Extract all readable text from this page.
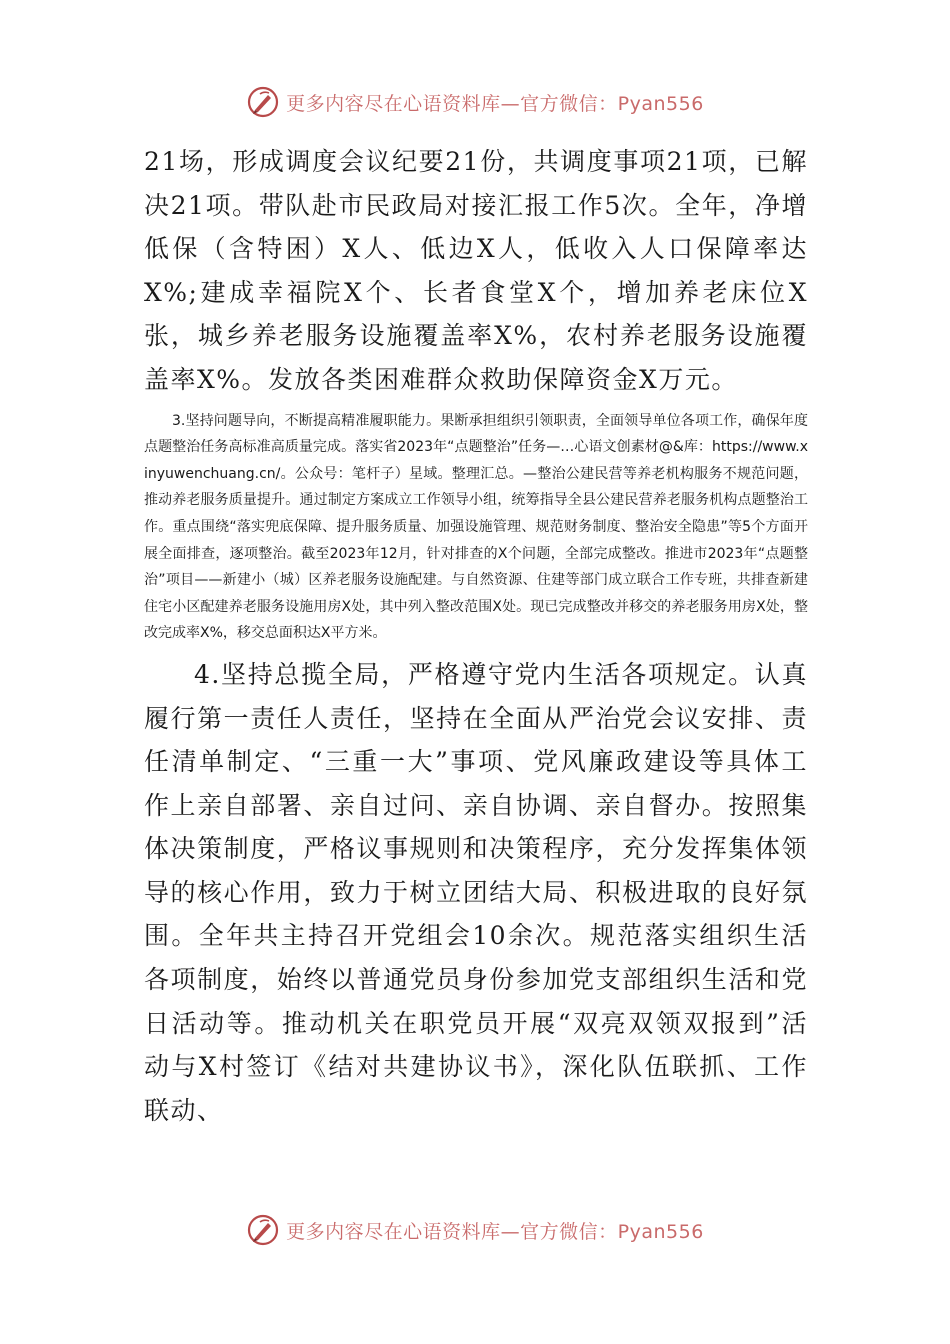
更多内容尽在心语资料库—官方微信：Pyan556

21场，形成调度会议纪要21份，共调度事项21项，已解决21项。带队赴市民政局对接汇报工作5次。全年，净增低保（含特困）X人、低边X人，低收入人口保障率达X%;建成幸福院X个、长者食堂X个，增加养老床位X张，城乡养老服务设施覆盖率X%，农村养老服务设施覆盖率X%。发放各类困难群众救助保障资金X万元。

3.坚持问题导向，不断提高精准履职能力。果断承担组织引领职责，全面领导单位各项工作，确保年度点题整治任务高标准高质量完成。落实省2023年“点题整治”任务—…心语文创素材@&库：https://www.xinyuwenchuang.cn/。公众号：笔杆子）星域。整理汇总。—整治公建民营等养老机构服务不规范问题，推动养老服务质量提升。通过制定方案成立工作领导小组，统筹指导全县公建民营养老服务机构点题整治工作。重点围绕“落实兜底保障、提升服务质量、加强设施管理、规范财务制度、整治安全隐患”等5个方面开展全面排查，逐项整治。截至2023年12月，针对排查的X个问题，全部完成整改。推进市2023年“点题整治”项目——新建小（城）区养老服务设施配建。与自然资源、住建等部门成立联合工作专班，共排查新建住宅小区配建养老服务设施用房X处，其中列入整改范围X处。现已完成整改并移交的养老服务用房X处，整改完成率X%，移交总面积达X平方米。

4.坚持总揽全局，严格遵守党内生活各项规定。认真履行第一责任人责任，坚持在全面从严治党会议安排、责任清单制定、“三重一大”事项、党风廉政建设等具体工作上亲自部署、亲自过问、亲自协调、亲自督办。按照集体决策制度，严格议事规则和决策程序，充分发挥集体领导的核心作用，致力于树立团结大局、积极进取的良好氛围。全年共主持召开党组会10余次。规范落实组织生活各项制度，始终以普通党员身份参加党支部组织生活和党日活动等。推动机关在职党员开展“双亮双领双报到”活动与X村签订《结对共建协议书》，深化队伍联抓、工作联动、

更多内容尽在心语资料库—官方微信：Pyan556
